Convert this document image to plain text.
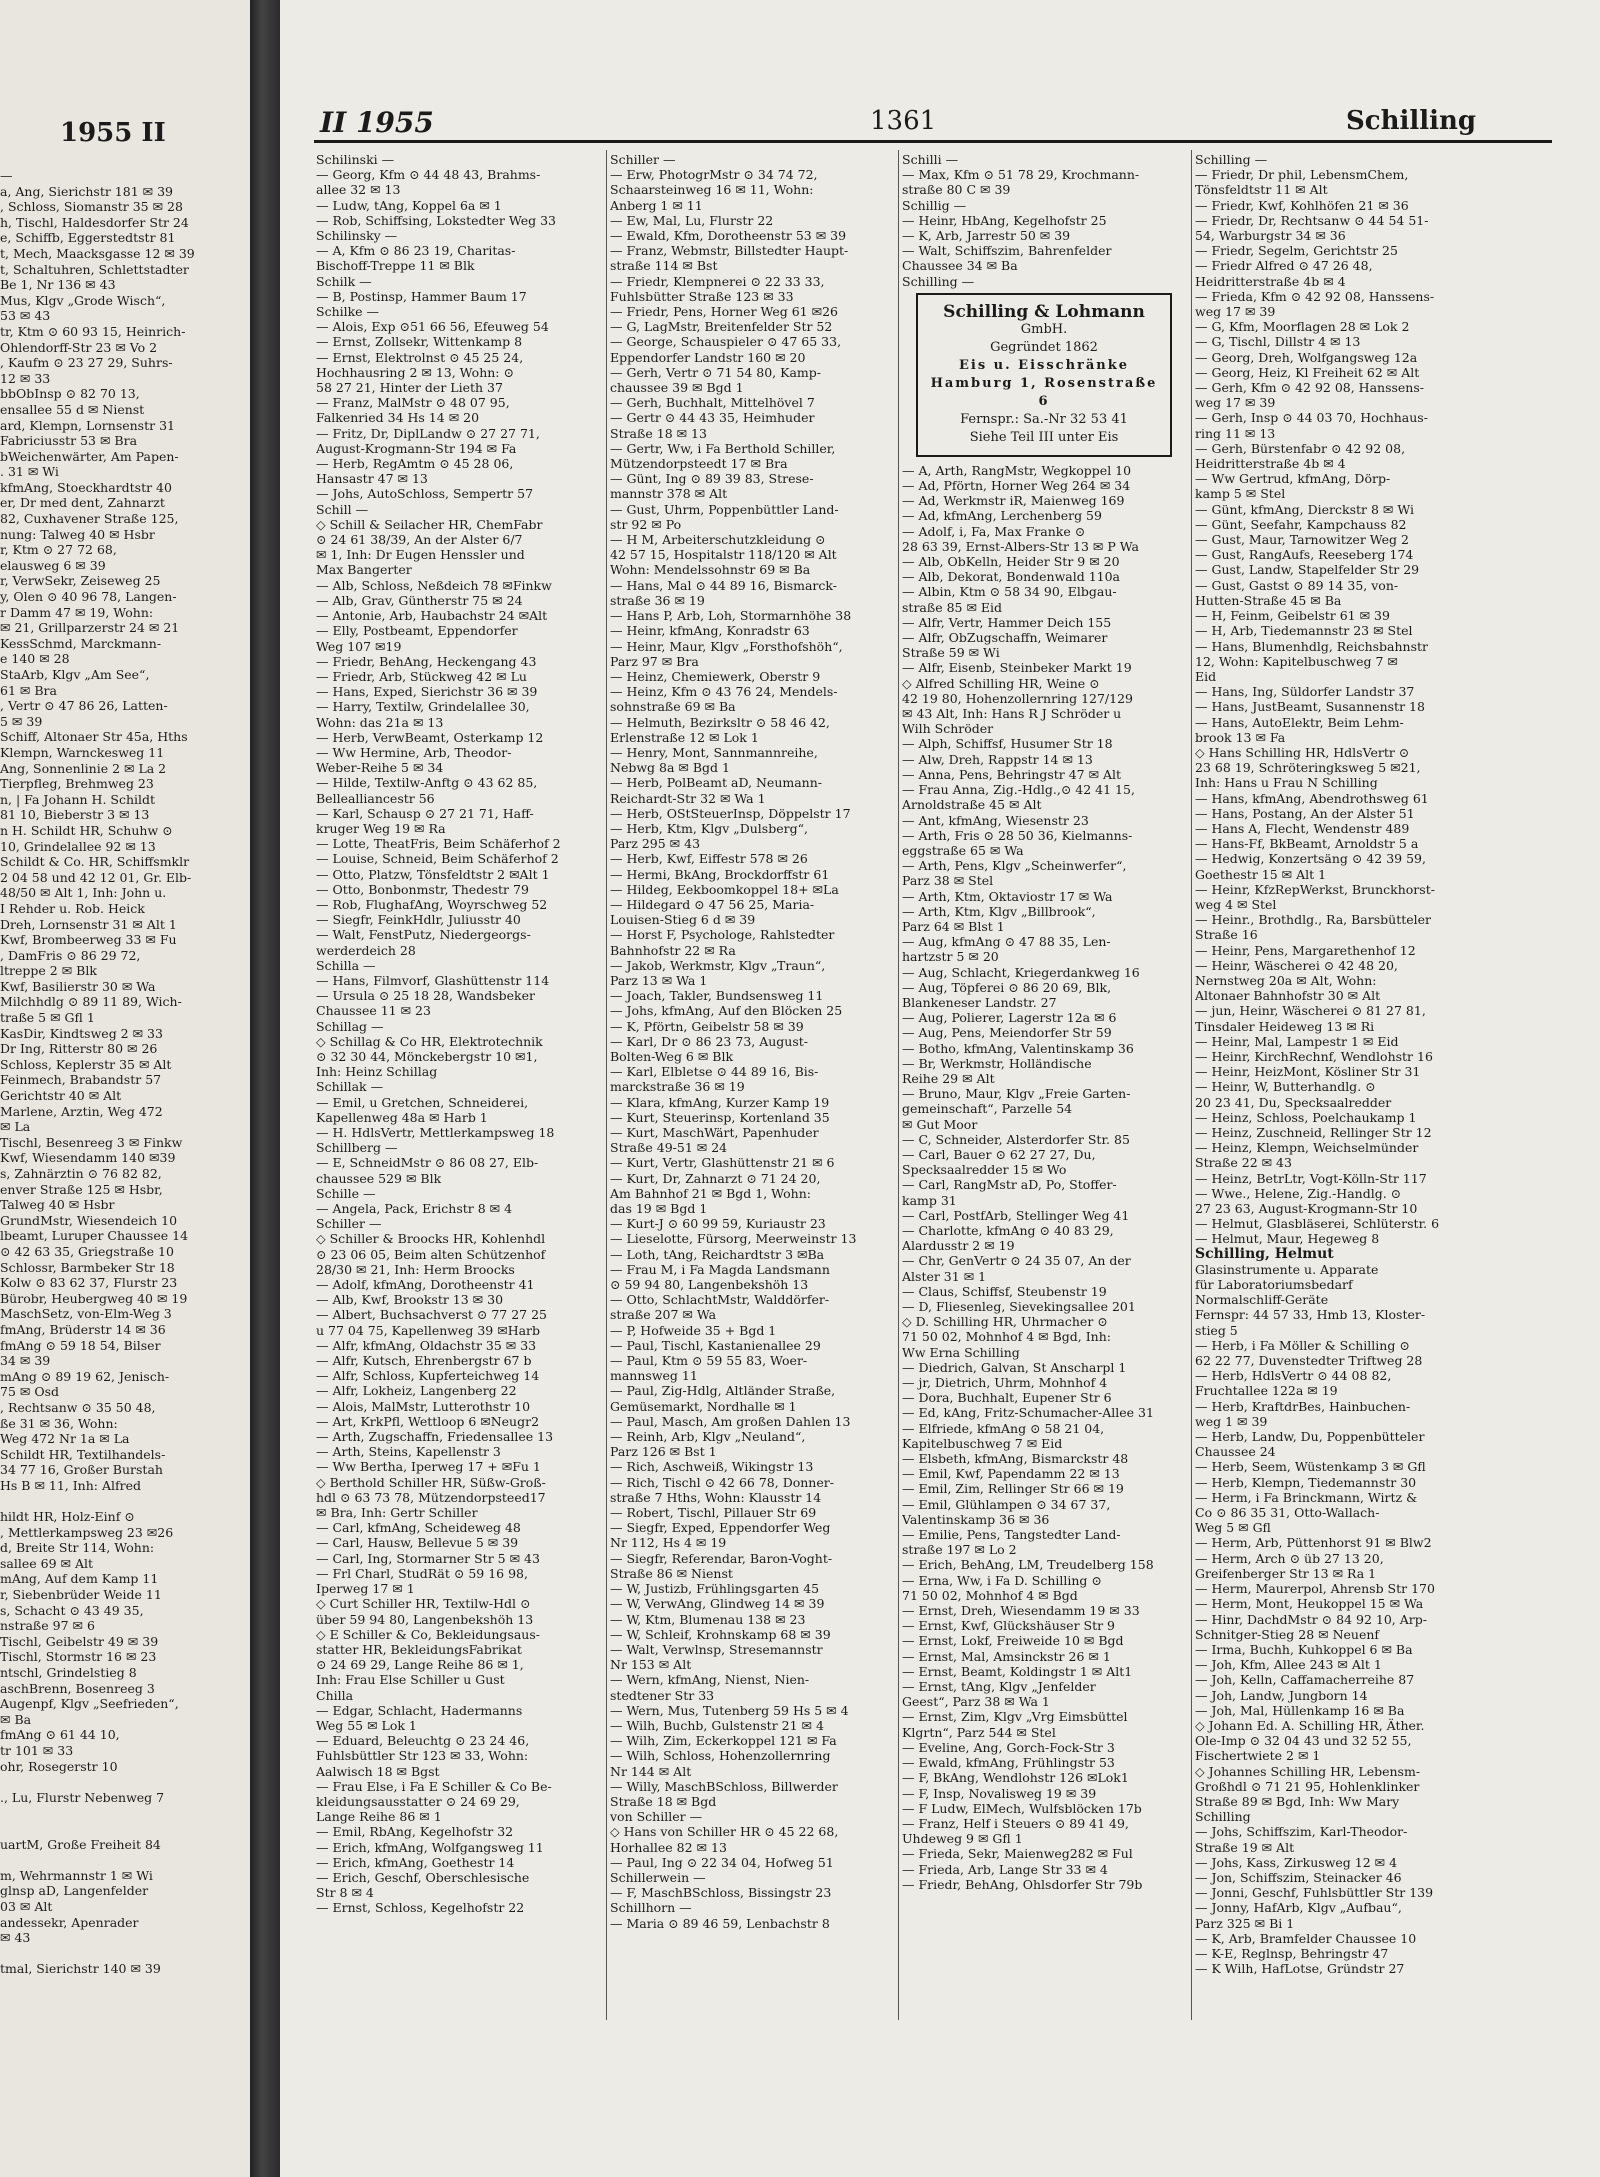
1955 II
—
a, Ang, Sierichstr 181 ✉ 39
, Schloss, Siomanstr 35 ✉ 28
h, Tischl, Haldesdorfer Str 24
e, Schiffb, Eggerstedtstr 81
t, Mech, Maacksgasse 12 ✉ 39
t, Schaltuhren, Schlettstadter
Be 1, Nr 136 ✉ 43
Mus, Klgv „Grode Wisch“,
53 ✉ 43
tr, Ktm ⊙ 60 93 15, Heinrich-
Ohlendorff-Str 23 ✉ Vo 2
, Kaufm ⊙ 23 27 29, Suhrs-
12 ✉ 33
bbObInsp ⊙ 82 70 13,
ensallee 55 d ✉ Nienst
ard, Klempn, Lornsenstr 31
Fabriciusstr 53 ✉ Bra
bWeichenwärter, Am Papen-
. 31 ✉ Wi
kfmAng, Stoeckhardtstr 40
er, Dr med dent, Zahnarzt
82, Cuxhavener Straße 125,
nung: Talweg 40 ✉ Hsbr
r, Ktm ⊙ 27 72 68,
elausweg 6 ✉ 39
r, VerwSekr, Zeiseweg 25
y, Olen ⊙ 40 96 78, Langen-
r Damm 47 ✉ 19, Wohn:
✉ 21, Grillparzerstr 24 ✉ 21
KessSchmd, Marckmann-
e 140 ✉ 28
StaArb, Klgv „Am See“,
61 ✉ Bra
, Vertr ⊙ 47 86 26, Latten-
5 ✉ 39
Schiff, Altonaer Str 45a, Hths
Klempn, Warnckesweg 11
Ang, Sonnenlinie 2 ✉ La 2
Tierpfleg, Brehmweg 23
n, | Fa Johann H. Schildt
81 10, Bieberstr 3 ✉ 13
n H. Schildt HR, Schuhw ⊙
10, Grindelallee 92 ✉ 13
Schildt & Co. HR, Schiffsmklr
2 04 58 und 42 12 01, Gr. Elb-
48/50 ✉ Alt 1, Inh: John u.
I Rehder u. Rob. Heick
Dreh, Lornsenstr 31 ✉ Alt 1
Kwf, Brombeerweg 33 ✉ Fu
, DamFris ⊙ 86 29 72,
ltreppe 2 ✉ Blk
Kwf, Basilierstr 30 ✉ Wa
Milchhdlg ⊙ 89 11 89, Wich-
traße 5 ✉ Gfl 1
KasDir, Kindtsweg 2 ✉ 33
Dr Ing, Ritterstr 80 ✉ 26
Schloss, Keplerstr 35 ✉ Alt
Feinmech, Brabandstr 57
Gerichtstr 40 ✉ Alt
Marlene, Arztin, Weg 472
✉ La
Tischl, Besenreeg 3 ✉ Finkw
Kwf, Wiesendamm 140 ✉39
s, Zahnärztin ⊙ 76 82 82,
enver Straße 125 ✉ Hsbr,
Talweg 40 ✉ Hsbr
GrundMstr, Wiesendeich 10
lbeamt, Luruper Chaussee 14
⊙ 42 63 35, Griegstraße 10
Schlossr, Barmbeker Str 18
Kolw ⊙ 83 62 37, Flurstr 23
Bürobr, Heubergweg 40 ✉ 19
MaschSetz, von-Elm-Weg 3
fmAng, Brüderstr 14 ✉ 36
fmAng ⊙ 59 18 54, Bilser
34 ✉ 39
mAng ⊙ 89 19 62, Jenisch-
75 ✉ Osd
, Rechtsanw ⊙ 35 50 48,
ße 31 ✉ 36, Wohn:
Weg 472 Nr 1a ✉ La
Schildt HR, Textilhandels-
34 77 16, Großer Burstah
Hs B ✉ 11, Inh: Alfred

hildt HR, Holz-Einf ⊙
, Mettlerkampsweg 23 ✉26
d, Breite Str 114, Wohn:
sallee 69 ✉ Alt
mAng, Auf dem Kamp 11
r, Siebenbrüder Weide 11
s, Schacht ⊙ 43 49 35,
nstraße 97 ✉ 6
Tischl, Geibelstr 49 ✉ 39
Tischl, Stormstr 16 ✉ 23
ntschl, Grindelstieg 8
aschBrenn, Bosenreeg 3
Augenpf, Klgv „Seefrieden“,
✉ Ba
fmAng ⊙ 61 44 10,
tr 101 ✉ 33
ohr, Rosegerstr 10

., Lu, Flurstr Nebenweg 7

uartM, Große Freiheit 84

m, Wehrmannstr 1 ✉ Wi
glnsp aD, Langenfelder
03 ✉ Alt
andessekr, Apenrader
✉ 43

tmal, Sierichstr 140 ✉ 39
II 1955	1361	Schilling
Schilinski —
— Georg, Kfm ⊙ 44 48 43, Brahms-
allee 32 ✉ 13
— Ludw, tAng, Koppel 6a ✉ 1
— Rob, Schiffsing, Lokstedter Weg 33
Schilinsky —
— A, Kfm ⊙ 86 23 19, Charitas-
Bischoff-Treppe 11 ✉ Blk
Schilk —
— B, Postinsp, Hammer Baum 17
Schilke —
— Alois, Exp ⊙51 66 56, Efeuweg 54
— Ernst, Zollsekr, Wittenkamp 8
— Ernst, Elektrolnst ⊙ 45 25 24,
Hochhausring 2 ✉ 13, Wohn: ⊙
58 27 21, Hinter der Lieth 37
— Franz, MalMstr ⊙ 48 07 95,
Falkenried 34 Hs 14 ✉ 20
— Fritz, Dr, DiplLandw ⊙ 27 27 71,
August-Krogmann-Str 194 ✉ Fa
— Herb, RegAmtm ⊙ 45 28 06,
Hansastr 47 ✉ 13
— Johs, AutoSchloss, Sempertr 57
Schill —
◇ Schill & Seilacher HR, ChemFabr
⊙ 24 61 38/39, An der Alster 6/7
✉ 1, Inh: Dr Eugen Henssler und
Max Bangerter
— Alb, Schloss, Neßdeich 78 ✉Finkw
— Alb, Grav, Güntherstr 75 ✉ 24
— Antonie, Arb, Haubachstr 24 ✉Alt
— Elly, Postbeamt, Eppendorfer
Weg 107 ✉19
— Friedr, BehAng, Heckengang 43
— Friedr, Arb, Stückweg 42 ✉ Lu
— Hans, Exped, Sierichstr 36 ✉ 39
— Harry, Textilw, Grindelallee 30,
Wohn: das 21a ✉ 13
— Herb, VerwBeamt, Osterkamp 12
— Ww Hermine, Arb, Theodor-
Weber-Reihe 5 ✉ 34
— Hilde, Textilw-Anftg ⊙ 43 62 85,
Bellealliancestr 56
— Karl, Schausp ⊙ 27 21 71, Haff-
kruger Weg 19 ✉ Ra
— Lotte, TheatFris, Beim Schäferhof 2
— Louise, Schneid, Beim Schäferhof 2
— Otto, Platzw, Tönsfeldtstr 2 ✉Alt 1
— Otto, Bonbonmstr, Thedestr 79
— Rob, FlughafAng, Woyrschweg 52
— Siegfr, FeinkHdlr, Juliusstr 40
— Walt, FenstPutz, Niedergeorgs-
werderdeich 28
Schilla —
— Hans, Filmvorf, Glashüttenstr 114
— Ursula ⊙ 25 18 28, Wandsbeker
Chaussee 11 ✉ 23
Schillag —
◇ Schillag & Co HR, Elektrotechnik
⊙ 32 30 44, Mönckebergstr 10 ✉1,
Inh: Heinz Schillag
Schillak —
— Emil, u Gretchen, Schneiderei,
Kapellenweg 48a ✉ Harb 1
— H. HdlsVertr, Mettlerkampsweg 18
Schillberg —
— E, SchneidMstr ⊙ 86 08 27, Elb-
chaussee 529 ✉ Blk
Schille —
— Angela, Pack, Erichstr 8 ✉ 4
Schiller —
◇ Schiller & Broocks HR, Kohlenhdl
⊙ 23 06 05, Beim alten Schützenhof
28/30 ✉ 21, Inh: Herm Broocks
— Adolf, kfmAng, Dorotheenstr 41
— Alb, Kwf, Brookstr 13 ✉ 30
— Albert, Buchsachverst ⊙ 77 27 25
u 77 04 75, Kapellenweg 39 ✉Harb
— Alfr, kfmAng, Oldachstr 35 ✉ 33
— Alfr, Kutsch, Ehrenbergstr 67 b
— Alfr, Schloss, Kupferteichweg 14
— Alfr, Lokheiz, Langenberg 22
— Alois, MalMstr, Lutterothstr 10
— Art, KrkPfl, Wettloop 6 ✉Neugr2
— Arth, Zugschaffn, Friedensallee 13
— Arth, Steins, Kapellenstr 3
— Ww Bertha, Iperweg 17 + ✉Fu 1
◇ Berthold Schiller HR, Süßw-Groß-
hdl ⊙ 63 73 78, Mützendorpsteed17
✉ Bra, Inh: Gertr Schiller
— Carl, kfmAng, Scheideweg 48
— Carl, Hausw, Bellevue 5 ✉ 39
— Carl, Ing, Stormarner Str 5 ✉ 43
— Frl Charl, StudRät ⊙ 59 16 98,
Iperweg 17 ✉ 1
◇ Curt Schiller HR, Textilw-Hdl ⊙
über 59 94 80, Langenbekshöh 13
◇ E Schiller & Co, Bekleidungsaus-
statter HR, BekleidungsFabrikat
⊙ 24 69 29, Lange Reihe 86 ✉ 1,
Inh: Frau Else Schiller u Gust
Chilla
— Edgar, Schlacht, Hadermanns
Weg 55 ✉ Lok 1
— Eduard, Beleuchtg ⊙ 23 24 46,
Fuhlsbüttler Str 123 ✉ 33, Wohn:
Aalwisch 18 ✉ Bgst
— Frau Else, i Fa E Schiller & Co Be-
kleidungsausstatter ⊙ 24 69 29,
Lange Reihe 86 ✉ 1
— Emil, RbAng, Kegelhofstr 32
— Erich, kfmAng, Wolfgangsweg 11
— Erich, kfmAng, Goethestr 14
— Erich, Geschf, Oberschlesische
Str 8 ✉ 4
— Ernst, Schloss, Kegelhofstr 22
Schiller —
— Erw, PhotogrMstr ⊙ 34 74 72,
Schaarsteinweg 16 ✉ 11, Wohn:
Anberg 1 ✉ 11
— Ew, Mal, Lu, Flurstr 22
— Ewald, Kfm, Dorotheenstr 53 ✉ 39
— Franz, Webmstr, Billstedter Haupt-
straße 114 ✉ Bst
— Friedr, Klempnerei ⊙ 22 33 33,
Fuhlsbütter Straße 123 ✉ 33
— Friedr, Pens, Horner Weg 61 ✉26
— G, LagMstr, Breitenfelder Str 52
— George, Schauspieler ⊙ 47 65 33,
Eppendorfer Landstr 160 ✉ 20
— Gerh, Vertr ⊙ 71 54 80, Kamp-
chaussee 39 ✉ Bgd 1
— Gerh, Buchhalt, Mittelhövel 7
— Gertr ⊙ 44 43 35, Heimhuder
Straße 18 ✉ 13
— Gertr, Ww, i Fa Berthold Schiller,
Mützendorpsteedt 17 ✉ Bra
— Günt, Ing ⊙ 89 39 83, Strese-
mannstr 378 ✉ Alt
— Gust, Uhrm, Poppenbüttler Land-
str 92 ✉ Po
— H M, Arbeiterschutzkleidung ⊙
42 57 15, Hospitalstr 118/120 ✉ Alt
Wohn: Mendelssohnstr 69 ✉ Ba
— Hans, Mal ⊙ 44 89 16, Bismarck-
straße 36 ✉ 19
— Hans P, Arb, Loh, Stormarnhöhe 38
— Heinr, kfmAng, Konradstr 63
— Heinr, Maur, Klgv „Forsthofshöh“,
Parz 97 ✉ Bra
— Heinz, Chemiewerk, Oberstr 9
— Heinz, Kfm ⊙ 43 76 24, Mendels-
sohnstraße 69 ✉ Ba
— Helmuth, Bezirksltr ⊙ 58 46 42,
Erlenstraße 12 ✉ Lok 1
— Henry, Mont, Sannmannreihe,
Nebwg 8a ✉ Bgd 1
— Herb, PolBeamt aD, Neumann-
Reichardt-Str 32 ✉ Wa 1
— Herb, OStSteuerInsp, Döppelstr 17
— Herb, Ktm, Klgv „Dulsberg“,
Parz 295 ✉ 43
— Herb, Kwf, Eiffestr 578 ✉ 26
— Hermi, BkAng, Brockdorffstr 61
— Hildeg, Eekboomkoppel 18+ ✉La
— Hildegard ⊙ 47 56 25, Maria-
Louisen-Stieg 6 d ✉ 39
— Horst F, Psychologe, Rahlstedter
Bahnhofstr 22 ✉ Ra
— Jakob, Werkmstr, Klgv „Traun“,
Parz 13 ✉ Wa 1
— Joach, Takler, Bundsensweg 11
— Johs, kfmAng, Auf den Blöcken 25
— K, Pförtn, Geibelstr 58 ✉ 39
— Karl, Dr ⊙ 86 23 73, August-
Bolten-Weg 6 ✉ Blk
— Karl, Elbletse ⊙ 44 89 16, Bis-
marckstraße 36 ✉ 19
— Klara, kfmAng, Kurzer Kamp 19
— Kurt, Steuerinsp, Kortenland 35
— Kurt, MaschWärt, Papenhuder
Straße 49-51 ✉ 24
— Kurt, Vertr, Glashüttenstr 21 ✉ 6
— Kurt, Dr, Zahnarzt ⊙ 71 24 20,
Am Bahnhof 21 ✉ Bgd 1, Wohn:
das 19 ✉ Bgd 1
— Kurt-J ⊙ 60 99 59, Kuriaustr 23
— Lieselotte, Fürsorg, Meerweinstr 13
— Loth, tAng, Reichardtstr 3 ✉Ba
— Frau M, i Fa Magda Landsmann
⊙ 59 94 80, Langenbekshöh 13
— Otto, SchlachtMstr, Walddörfer-
straße 207 ✉ Wa
— P, Hofweide 35 + Bgd 1
— Paul, Tischl, Kastanienallee 29
— Paul, Ktm ⊙ 59 55 83, Woer-
mannsweg 11
— Paul, Zig-Hdlg, Altländer Straße,
Gemüsemarkt, Nordhalle ✉ 1
— Paul, Masch, Am großen Dahlen 13
— Reinh, Arb, Klgv „Neuland“,
Parz 126 ✉ Bst 1
— Rich, Aschweiß, Wikingstr 13
— Rich, Tischl ⊙ 42 66 78, Donner-
straße 7 Hths, Wohn: Klausstr 14
— Robert, Tischl, Pillauer Str 69
— Siegfr, Exped, Eppendorfer Weg
Nr 112, Hs 4 ✉ 19
— Siegfr, Referendar, Baron-Voght-
Straße 86 ✉ Nienst
— W, Justizb, Frühlingsgarten 45
— W, VerwAng, Glindweg 14 ✉ 39
— W, Ktm, Blumenau 138 ✉ 23
— W, Schleif, Krohnskamp 68 ✉ 39
— Walt, Verwlnsp, Stresemannstr
Nr 153 ✉ Alt
— Wern, kfmAng, Nienst, Nien-
stedtener Str 33
— Wern, Mus, Tutenberg 59 Hs 5 ✉ 4
— Wilh, Buchb, Gulstenstr 21 ✉ 4
— Wilh, Zim, Eckerkoppel 121 ✉ Fa
— Wilh, Schloss, Hohenzollernring
Nr 144 ✉ Alt
— Willy, MaschBSchloss, Billwerder
Straße 18 ✉ Bgd
von Schiller —
◇ Hans von Schiller HR ⊙ 45 22 68,
Horhallee 82 ✉ 13
— Paul, Ing ⊙ 22 34 04, Hofweg 51
Schillerwein —
— F, MaschBSchloss, Bissingstr 23
Schillhorn —
— Maria ⊙ 89 46 59, Lenbachstr 8
Schilli —
— Max, Kfm ⊙ 51 78 29, Krochmann-
straße 80 C ✉ 39
Schillig —
— Heinr, HbAng, Kegelhofstr 25
— K, Arb, Jarrestr 50 ✉ 39
— Walt, Schiffszim, Bahrenfelder
Chaussee 34 ✉ Ba
Schilling —
Schilling & Lohmann
GmbH.
Gegründet 1862
Eis u. Eisschränke
Hamburg 1, Rosenstraße 6
Fernspr.: Sa.-Nr 32 53 41
Siehe Teil III unter Eis
— A, Arth, RangMstr, Wegkoppel 10
— Ad, Pförtn, Horner Weg 264 ✉ 34
— Ad, Werkmstr iR, Maienweg 169
— Ad, kfmAng, Lerchenberg 59
— Adolf, i, Fa, Max Franke ⊙
28 63 39, Ernst-Albers-Str 13 ✉ P Wa
— Alb, ObKelln, Heider Str 9 ✉ 20
— Alb, Dekorat, Bondenwald 110a
— Albin, Ktm ⊙ 58 34 90, Elbgau-
straße 85 ✉ Eid
— Alfr, Vertr, Hammer Deich 155
— Alfr, ObZugschaffn, Weimarer
Straße 59 ✉ Wi
— Alfr, Eisenb, Steinbeker Markt 19
◇ Alfred Schilling HR, Weine ⊙
42 19 80, Hohenzollernring 127/129
✉ 43 Alt, Inh: Hans R J Schröder u
Wilh Schröder
— Alph, Schiffsf, Husumer Str 18
— Alw, Dreh, Rappstr 14 ✉ 13
— Anna, Pens, Behringstr 47 ✉ Alt
— Frau Anna, Zig.-Hdlg.,⊙ 42 41 15,
Arnoldstraße 45 ✉ Alt
— Ant, kfmAng, Wiesenstr 23
— Arth, Fris ⊙ 28 50 36, Kielmanns-
eggstraße 65 ✉ Wa
— Arth, Pens, Klgv „Scheinwerfer“,
Parz 38 ✉ Stel
— Arth, Ktm, Oktaviostr 17 ✉ Wa
— Arth, Ktm, Klgv „Billbrook“,
Parz 64 ✉ Blst 1
— Aug, kfmAng ⊙ 47 88 35, Len-
hartzstr 5 ✉ 20
— Aug, Schlacht, Kriegerdankweg 16
— Aug, Töpferei ⊙ 86 20 69, Blk,
Blankeneser Landstr. 27
— Aug, Polierer, Lagerstr 12a ✉ 6
— Aug, Pens, Meiendorfer Str 59
— Botho, kfmAng, Valentinskamp 36
— Br, Werkmstr, Holländische
Reihe 29 ✉ Alt
— Bruno, Maur, Klgv „Freie Garten-
gemeinschaft“, Parzelle 54
✉ Gut Moor
— C, Schneider, Alsterdorfer Str. 85
— Carl, Bauer ⊙ 62 27 27, Du,
Specksaalredder 15 ✉ Wo
— Carl, RangMstr aD, Po, Stoffer-
kamp 31
— Carl, PostfArb, Stellinger Weg 41
— Charlotte, kfmAng ⊙ 40 83 29,
Alardusstr 2 ✉ 19
— Chr, GenVertr ⊙ 24 35 07, An der
Alster 31 ✉ 1
— Claus, Schiffsf, Steubenstr 19
— D, Fliesenleg, Sievekingsallee 201
◇ D. Schilling HR, Uhrmacher ⊙
71 50 02, Mohnhof 4 ✉ Bgd, Inh:
Ww Erna Schilling
— Diedrich, Galvan, St Anscharpl 1
— jr, Dietrich, Uhrm, Mohnhof 4
— Dora, Buchhalt, Eupener Str 6
— Ed, kAng, Fritz-Schumacher-Allee 31
— Elfriede, kfmAng ⊙ 58 21 04,
Kapitelbuschweg 7 ✉ Eid
— Elsbeth, kfmAng, Bismarckstr 48
— Emil, Kwf, Papendamm 22 ✉ 13
— Emil, Zim, Rellinger Str 66 ✉ 19
— Emil, Glühlampen ⊙ 34 67 37,
Valentinskamp 36 ✉ 36
— Emilie, Pens, Tangstedter Land-
straße 197 ✉ Lo 2
— Erich, BehAng, LM, Treudelberg 158
— Erna, Ww, i Fa D. Schilling ⊙
71 50 02, Mohnhof 4 ✉ Bgd
— Ernst, Dreh, Wiesendamm 19 ✉ 33
— Ernst, Kwf, Glückshäuser Str 9
— Ernst, Lokf, Freiweide 10 ✉ Bgd
— Ernst, Mal, Amsinckstr 26 ✉ 1
— Ernst, Beamt, Koldingstr 1 ✉ Alt1
— Ernst, tAng, Klgv „Jenfelder
Geest“, Parz 38 ✉ Wa 1
— Ernst, Zim, Klgv „Vrg Eimsbüttel
Klgrtn“, Parz 544 ✉ Stel
— Eveline, Ang, Gorch-Fock-Str 3
— Ewald, kfmAng, Frühlingstr 53
— F, BkAng, Wendlohstr 126 ✉Lok1
— F, Insp, Novalisweg 19 ✉ 39
— F Ludw, ElMech, Wulfsblöcken 17b
— Franz, Helf i Steuers ⊙ 89 41 49,
Uhdeweg 9 ✉ Gfl 1
— Frieda, Sekr, Maienweg282 ✉ Ful
— Frieda, Arb, Lange Str 33 ✉ 4
— Friedr, BehAng, Ohlsdorfer Str 79b
Schilling —
— Friedr, Dr phil, LebensmChem,
Tönsfeldtstr 11 ✉ Alt
— Friedr, Kwf, Kohlhöfen 21 ✉ 36
— Friedr, Dr, Rechtsanw ⊙ 44 54 51-
54, Warburgstr 34 ✉ 36
— Friedr, Segelm, Gerichtstr 25
— Friedr Alfred ⊙ 47 26 48,
Heidritterstraße 4b ✉ 4
— Frieda, Kfm ⊙ 42 92 08, Hanssens-
weg 17 ✉ 39
— G, Kfm, Moorflagen 28 ✉ Lok 2
— G, Tischl, Dillstr 4 ✉ 13
— Georg, Dreh, Wolfgangsweg 12a
— Georg, Heiz, Kl Freiheit 62 ✉ Alt
— Gerh, Kfm ⊙ 42 92 08, Hanssens-
weg 17 ✉ 39
— Gerh, Insp ⊙ 44 03 70, Hochhaus-
ring 11 ✉ 13
— Gerh, Bürstenfabr ⊙ 42 92 08,
Heidritterstraße 4b ✉ 4
— Ww Gertrud, kfmAng, Dörp-
kamp 5 ✉ Stel
— Günt, kfmAng, Dierckstr 8 ✉ Wi
— Günt, Seefahr, Kampchauss 82
— Gust, Maur, Tarnowitzer Weg 2
— Gust, RangAufs, Reeseberg 174
— Gust, Landw, Stapelfelder Str 29
— Gust, Gastst ⊙ 89 14 35, von-
Hutten-Straße 45 ✉ Ba
— H, Feinm, Geibelstr 61 ✉ 39
— H, Arb, Tiedemannstr 23 ✉ Stel
— Hans, Blumenhdlg, Reichsbahnstr
12, Wohn: Kapitelbuschweg 7 ✉
Eid
— Hans, Ing, Süldorfer Landstr 37
— Hans, JustBeamt, Susannenstr 18
— Hans, AutoElektr, Beim Lehm-
brook 13 ✉ Fa
◇ Hans Schilling HR, HdlsVertr ⊙
23 68 19, Schröteringksweg 5 ✉21,
Inh: Hans u Frau N Schilling
— Hans, kfmAng, Abendrothsweg 61
— Hans, Postang, An der Alster 51
— Hans A, Flecht, Wendenstr 489
— Hans-Ff, BkBeamt, Arnoldstr 5 a
— Hedwig, Konzertsäng ⊙ 42 39 59,
Goethestr 15 ✉ Alt 1
— Heinr, KfzRepWerkst, Brunckhorst-
weg 4 ✉ Stel
— Heinr., Brothdlg., Ra, Barsbütteler
Straße 16
— Heinr, Pens, Margarethenhof 12
— Heinr, Wäscherei ⊙ 42 48 20,
Nernstweg 20a ✉ Alt, Wohn:
Altonaer Bahnhofstr 30 ✉ Alt
— jun, Heinr, Wäscherei ⊙ 81 27 81,
Tinsdaler Heideweg 13 ✉ Ri
— Heinr, Mal, Lampestr 1 ✉ Eid
— Heinr, KirchRechnf, Wendlohstr 16
— Heinr, HeizMont, Kösliner Str 31
— Heinr, W, Butterhandlg. ⊙
20 23 41, Du, Specksaalredder
— Heinz, Schloss, Poelchaukamp 1
— Heinz, Zuschneid, Rellinger Str 12
— Heinz, Klempn, Weichselmünder
Straße 22 ✉ 43
— Heinz, BetrLtr, Vogt-Kölln-Str 117
— Wwe., Helene, Zig.-Handlg. ⊙
27 23 63, August-Krogmann-Str 10
— Helmut, Glasbläserei, Schlüterstr. 6
— Helmut, Maur, Hegeweg 8
Schilling, Helmut
Glasinstrumente u. Apparate
für Laboratoriumsbedarf
Normalschliff-Geräte
Fernspr: 44 57 33, Hmb 13, Kloster-
stieg 5
— Herb, i Fa Möller & Schilling ⊙
62 22 77, Duvenstedter Triftweg 28
— Herb, HdlsVertr ⊙ 44 08 82,
Fruchtallee 122a ✉ 19
— Herb, KraftdrBes, Hainbuchen-
weg 1 ✉ 39
— Herb, Landw, Du, Poppenbütteler
Chaussee 24
— Herb, Seem, Wüstenkamp 3 ✉ Gfl
— Herb, Klempn, Tiedemannstr 30
— Herm, i Fa Brinckmann, Wirtz &
Co ⊙ 86 35 31, Otto-Wallach-
Weg 5 ✉ Gfl
— Herm, Arb, Püttenhorst 91 ✉ Blw2
— Herm, Arch ⊙ üb 27 13 20,
Greifenberger Str 13 ✉ Ra 1
— Herm, Maurerpol, Ahrensb Str 170
— Herm, Mont, Heukoppel 15 ✉ Wa
— Hinr, DachdMstr ⊙ 84 92 10, Arp-
Schnitger-Stieg 28 ✉ Neuenf
— Irma, Buchh, Kuhkoppel 6 ✉ Ba
— Joh, Kfm, Allee 243 ✉ Alt 1
— Joh, Kelln, Caffamacherreihe 87
— Joh, Landw, Jungborn 14
— Joh, Mal, Hüllenkamp 16 ✉ Ba
◇ Johann Ed. A. Schilling HR, Äther.
Ole-Imp ⊙ 32 04 43 und 32 52 55,
Fischertwiete 2 ✉ 1
◇ Johannes Schilling HR, Lebensm-
Großhdl ⊙ 71 21 95, Hohlenklinker
Straße 89 ✉ Bgd, Inh: Ww Mary
Schilling
— Johs, Schiffszim, Karl-Theodor-
Straße 19 ✉ Alt
— Johs, Kass, Zirkusweg 12 ✉ 4
— Jon, Schiffszim, Steinacker 46
— Jonni, Geschf, Fuhlsbüttler Str 139
— Jonny, HafArb, Klgv „Aufbau“,
Parz 325 ✉ Bi 1
— K, Arb, Bramfelder Chaussee 10
— K-E, Reglnsp, Behringstr 47
— K Wilh, HafLotse, Gründstr 27
